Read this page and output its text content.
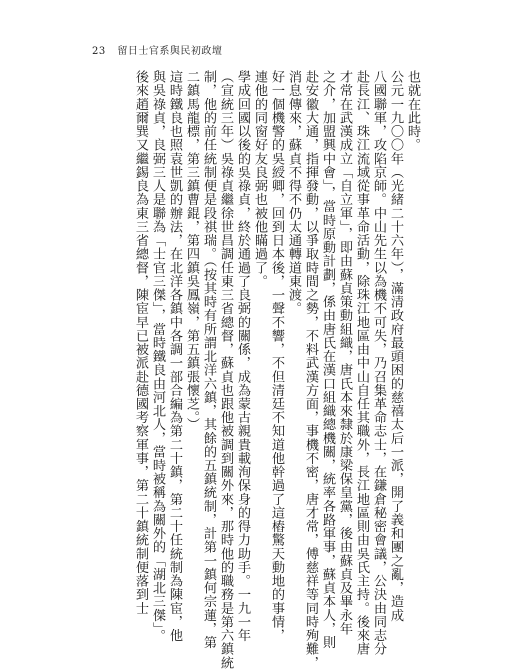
23 留日士官系與民初政壇
也就在此時。
公元一九〇〇年（光緒二十六年），滿清政府最頭困的慈禧太后一派，開了義和團之亂，造成
八國聯軍，攻陷京師。中山先生以為機不可失，乃召集革命志士，在鎌倉秘密會議，公決由同志分
赴長江、珠江流域從事革命活動，除珠江地區由中山自任其職外，長江地區則由吳氏主持。後來唐
才常在武漢成立「自立軍」，即由蘇貞策動組織，唐氏本來隸於康梁保皇黨，後由蘇貞及畢永年
之介，加盟興中會」，當時原動計劃，係由唐氏在漢口組織總機關，統率各路軍事，蘇貞本人，則
赴安徽大通，指揮發動，以爭取時間之勢，不料武漢方面，事機不密，唐才常，傅慈祥等同時殉難，
消息傳來，蘇貞不得不仍太通轉道東渡。
好一個機警的吳綬卿，回到日本後，一聲不響，不但清廷不知道他幹過了這樁驚天動地的事情，
連他的同窗好友良弼也被他瞞過了。
學成回國以後的吳祿貞，終於通過了良弼的關係，成為蒙古親貴載洵保身的得力助手。一九一年
（宣統三年）吳祿貞繼徐世昌調任東三省總督，蘇貞也跟他被調到關外來，那時他的職務是第六鎮統
制，他的前任統制便是段祺瑞。（按其時有所謂北洋六鎮，其餘的五鎮統制，計第一鎮何宗蓮，第
二鎮馬龍標，第三鎮曹錕，第四鎮吳鳳嶺，第五鎮張懷芝。）
這時鐵良也照袁世凱的辦法，在北洋各鎮中各調一部合編為第二十鎮，第二十任統制為陳宦，他
與吳祿貞，良弼三人是聯為「士官三傑」，當時鐵良由河北人，當時被稱為關外的「湖北三傑」。
後來趙爾巽又繼錫良為東三省總督，陳宦早已被派赴德國考察軍事，第二十鎮統制便落到士
